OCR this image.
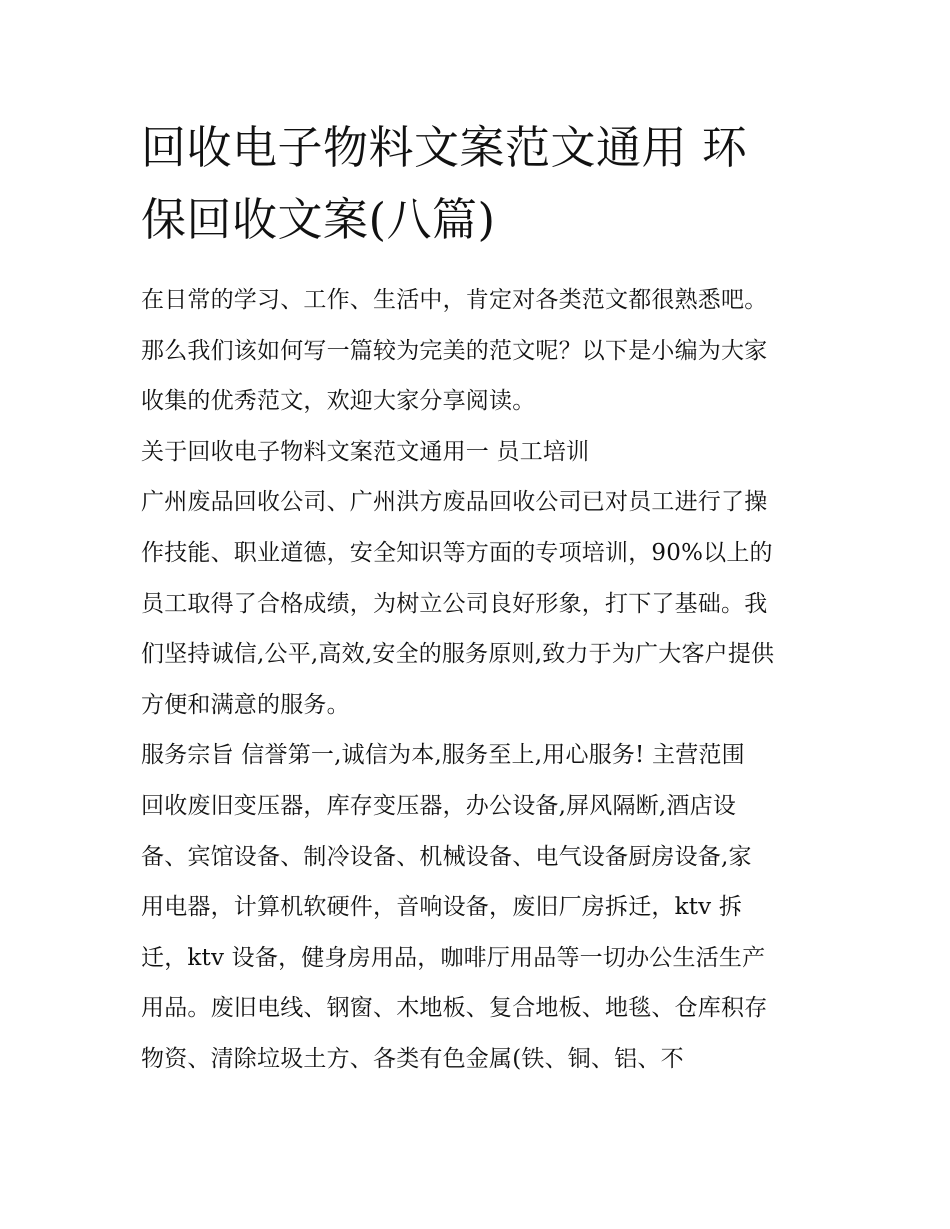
回收电子物料文案范文通用 环
保回收文案(八篇)
在日常的学习、工作、生活中，肯定对各类范文都很熟悉吧。
那么我们该如何写一篇较为完美的范文呢？以下是小编为大家
收集的优秀范文，欢迎大家分享阅读。
关于回收电子物料文案范文通用一 员工培训
广州废品回收公司、广州洪方废品回收公司已对员工进行了操
作技能、职业道德，安全知识等方面的专项培训，90%以上的
员工取得了合格成绩，为树立公司良好形象，打下了基础。我
们坚持诚信,公平,高效,安全的服务原则,致力于为广大客户提供
方便和满意的服务。
服务宗旨 信誉第一,诚信为本,服务至上,用心服务! 主营范围
回收废旧变压器，库存变压器，办公设备,屏风隔断,酒店设
备、宾馆设备、制冷设备、机械设备、电气设备厨房设备,家
用电器，计算机软硬件，音响设备，废旧厂房拆迁，ktv 拆
迁，ktv 设备，健身房用品，咖啡厅用品等一切办公生活生产
用品。废旧电线、钢窗、木地板、复合地板、地毯、仓库积存
物资、清除垃圾土方、各类有色金属(铁、铜、铝、不
